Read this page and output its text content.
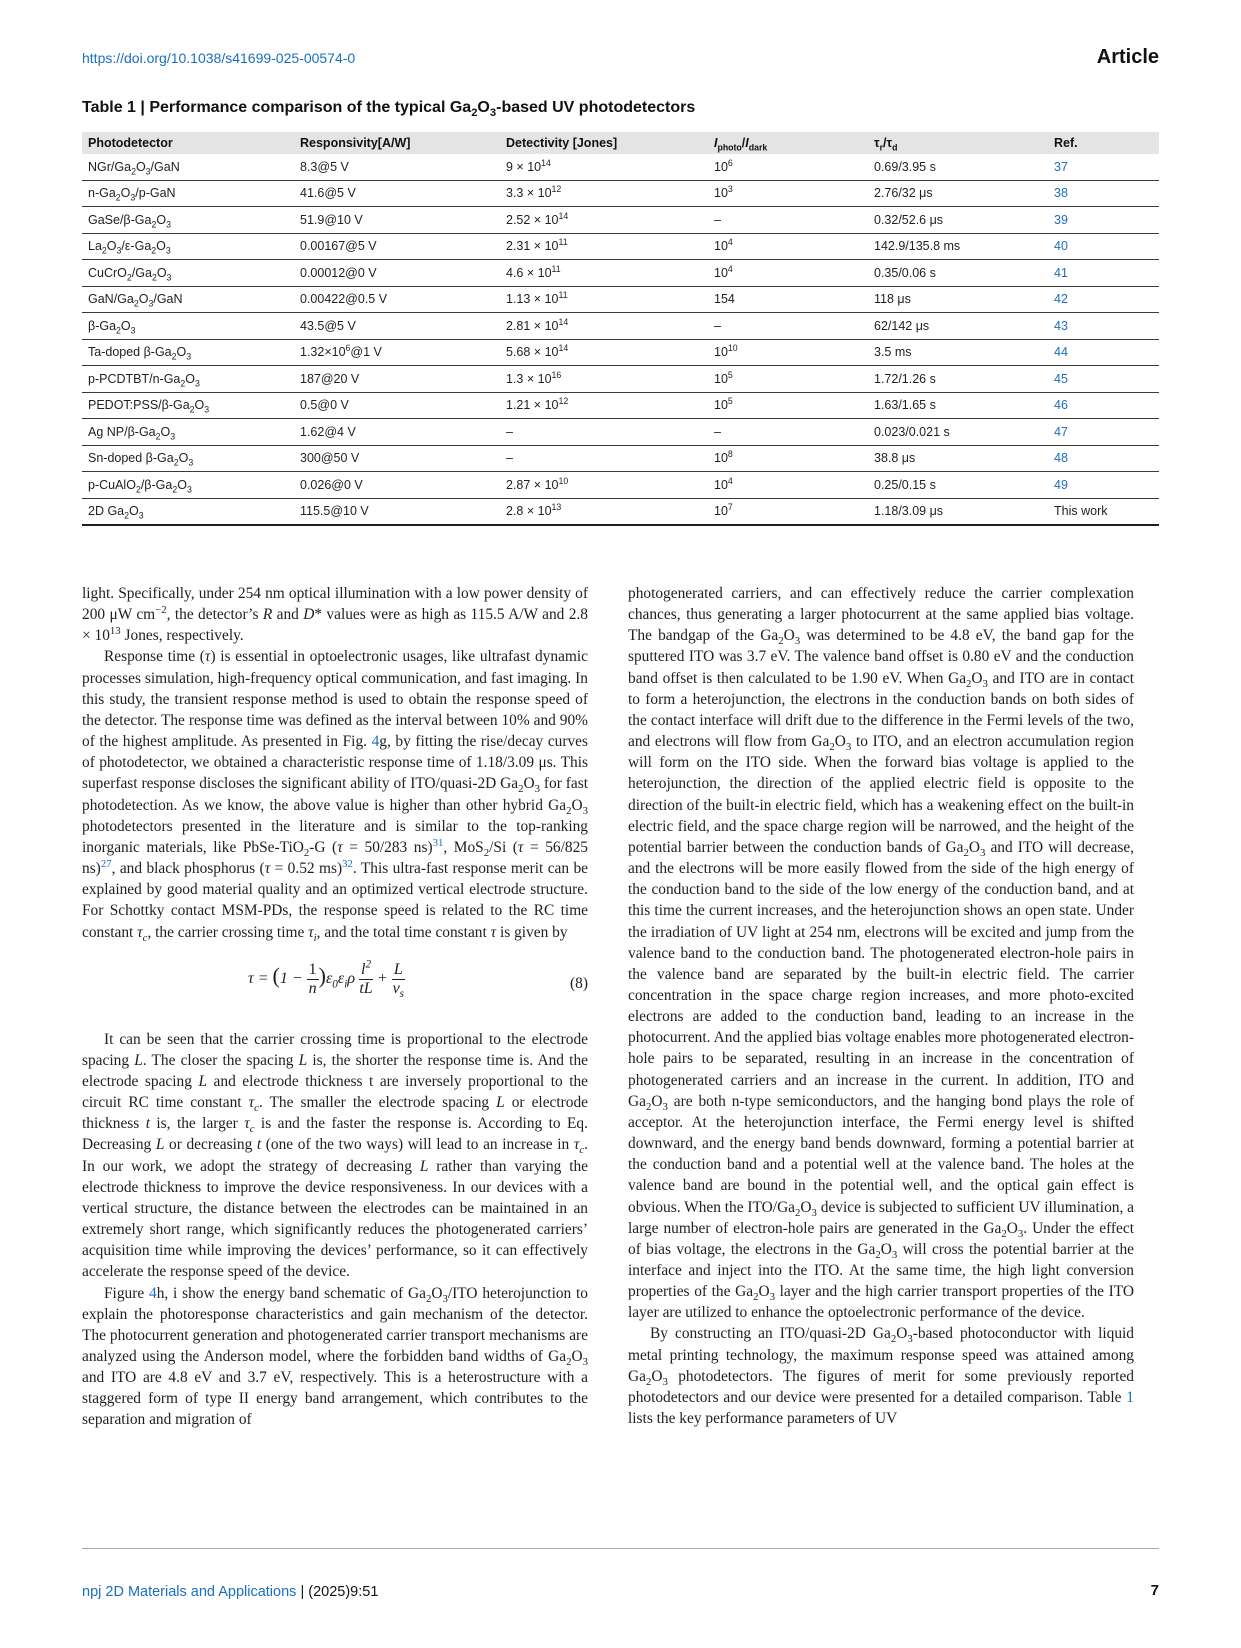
https://doi.org/10.1038/s41699-025-00574-0	Article
Table 1 | Performance comparison of the typical $Ga_2O_3$-based UV photodetectors
Photodetector	Responsivity[A/W]	Detectivity [Jones]	$I_{photo}/I_{dark}$	$\tau_r/\tau_d$	Ref.
NGr/$Ga_2O_3$/GaN	8.3@5 V	$9 \times 10^{14}$	$10^6$	0.69/3.95 s	37
$n-Ga_2O_3/p$-GaN	41.6@5 V	$3.3 \times 10^{12}$	$10^3$	2.76/32 μs	38
GaSe/$\beta-Ga_2O_3$	51.9@10 V	$2.52 \times 10^{14}$	–	0.32/52.6 μs	39
$La_2O_3/\varepsilon-Ga_2O_3$	0.00167@5 V	$2.31 \times 10^{11}$	$10^4$	142.9/135.8 ms	40
$CuCrO_2/Ga_2O_3$	0.00012@0 V	$4.6 \times 10^{11}$	$10^4$	0.35/0.06 s	41
GaN/$Ga_2O_3$/GaN	0.00422@0.5 V	$1.13 \times 10^{11}$	154	118 μs	42
$\beta-Ga_2O_3$	43.5@5 V	$2.81 \times 10^{14}$	–	62/142 μs	43
Ta-doped $\beta-Ga_2O_3$	$1.32\times 10^6@1$ V	$5.68 \times 10^{14}$	$10^{10}$	3.5 ms	44
$p-PCDTBT/n-Ga_2O_3$	187@20 V	$1.3 \times 10^{16}$	$10^5$	1.72/1.26 s	45
$PEDOT:PSS/\beta-Ga_2O_3$	0.5@0 V	$1.21 \times 10^{12}$	$10^5$	1.63/1.65 s	46
Ag $NP/\beta-Ga_2O_3$	1.62@4 V	–	–	0.023/0.021 s	47
Sn-doped $\beta-Ga_2O_3$	300@50 V	–	$10^8$	38.8 μs	48
$p-CuAlO_2/\beta-Ga_2O_3$	0.026@0 V	$2.87 \times 10^{10}$	$10^4$	0.25/0.15 s	49
2D $Ga_2O_3$	115.5@10 V	$2.8 \times 10^{13}$	$10^7$	1.18/3.09 μs	This work

light. Specifically, under 254 nm optical illumination with a low power density of 200 μW $cm^{-2}$, the detector’s R and D* values were as high as 115.5 A/W and $2.8 \times 10^{13}$ Jones, respectively.

Response time (τ) is essential in optoelectronic usages, like ultrafast dynamic processes simulation, high-frequency optical communication, and fast imaging. In this study, the transient response method is used to obtain the response speed of the detector. The response time was defined as the interval between 10% and 90% of the highest amplitude. As presented in Fig. 4g, by fitting the rise/decay curves of photodetector, we obtained a characteristic response time of 1.18/3.09 μs. This superfast response discloses the significant ability of ITO/quasi-2D $Ga_2O_3$ for fast photodetection. As we know, the above value is higher than other hybrid $Ga_2O_3$ photodetectors presented in the literature and is similar to the top-ranking inorganic materials, like PbSe-TiO$_2$-G (τ = 50/283 ns)$^{31}$, MoS$_2$/Si (τ = 56/825 ns)$^{27}$, and black phosphorus (τ = 0.52 ms)$^{32}$. This ultra-fast response merit can be explained by good material quality and an optimized vertical electrode structure. For Schottky contact MSM-PDs, the response speed is related to the RC time constant $\tau_c$, the carrier crossing time $\tau_i$, and the total time constant τ is given by

$\tau = (1 - \frac{1}{n} )\varepsilon_0\varepsilon_i\rho \frac{l^2}{tL} + \frac{L}{v_s}$	(8)

It can be seen that the carrier crossing time is proportional to the electrode spacing L. The closer the spacing L is, the shorter the response time is. And the electrode spacing L and electrode thickness t are inversely proportional to the circuit RC time constant $\tau_c$. The smaller the electrode spacing L or electrode thickness t is, the larger $\tau_c$ is and the faster the response is. According to Eq. Decreasing L or decreasing t (one of the two ways) will lead to an increase in $\tau_c$. In our work, we adopt the strategy of decreasing L rather than varying the electrode thickness to improve the device responsiveness. In our devices with a vertical structure, the distance between the electrodes can be maintained in an extremely short range, which significantly reduces the photogenerated carriers’ acquisition time while improving the devices’ performance, so it can effectively accelerate the response speed of the device.

Figure 4h, i show the energy band schematic of $Ga_2O_3$/ITO heterojunction to explain the photoresponse characteristics and gain mechanism of the detector. The photocurrent generation and photogenerated carrier transport mechanisms are analyzed using the Anderson model, where the forbidden band widths of $Ga_2O_3$ and ITO are 4.8 eV and 3.7 eV, respectively. This is a heterostructure with a staggered form of type II energy band arrangement, which contributes to the separation and migration of

photogenerated carriers, and can effectively reduce the carrier complexation chances, thus generating a larger photocurrent at the same applied bias voltage. The bandgap of the $Ga_2O_3$ was determined to be 4.8 eV, the band gap for the sputtered ITO was 3.7 eV. The valence band offset is 0.80 eV and the conduction band offset is then calculated to be 1.90 eV. When $Ga_2O_3$ and ITO are in contact to form a heterojunction, the electrons in the conduction bands on both sides of the contact interface will drift due to the difference in the Fermi levels of the two, and electrons will flow from $Ga_2O_3$ to ITO, and an electron accumulation region will form on the ITO side. When the forward bias voltage is applied to the heterojunction, the direction of the applied electric field is opposite to the direction of the built-in electric field, which has a weakening effect on the built-in electric field, and the space charge region will be narrowed, and the height of the potential barrier between the conduction bands of $Ga_2O_3$ and ITO will decrease, and the electrons will be more easily flowed from the side of the high energy of the conduction band to the side of the low energy of the conduction band, and at this time the current increases, and the heterojunction shows an open state. Under the irradiation of UV light at 254 nm, electrons will be excited and jump from the valence band to the conduction band. The photogenerated electron-hole pairs in the valence band are separated by the built-in electric field. The carrier concentration in the space charge region increases, and more photo-excited electrons are added to the conduction band, leading to an increase in the photocurrent. And the applied bias voltage enables more photogenerated electron-hole pairs to be separated, resulting in an increase in the concentration of photogenerated carriers and an increase in the current. In addition, ITO and $Ga_2O_3$ are both n-type semiconductors, and the hanging bond plays the role of acceptor. At the heterojunction interface, the Fermi energy level is shifted downward, and the energy band bends downward, forming a potential barrier at the conduction band and a potential well at the valence band. The holes at the valence band are bound in the potential well, and the optical gain effect is obvious. When the ITO/$Ga_2O_3$ device is subjected to sufficient UV illumination, a large number of electron-hole pairs are generated in the $Ga_2O_3$. Under the effect of bias voltage, the electrons in the $Ga_2O_3$ will cross the potential barrier at the interface and inject into the ITO. At the same time, the high light conversion properties of the $Ga_2O_3$ layer and the high carrier transport properties of the ITO layer are utilized to enhance the optoelectronic performance of the device.

By constructing an ITO/quasi-2D $Ga_2O_3$-based photoconductor with liquid metal printing technology, the maximum response speed was attained among $Ga_2O_3$ photodetectors. The figures of merit for some previously reported photodetectors and our device were presented for a detailed comparison. Table 1 lists the key performance parameters of UV

npj 2D Materials and Applications | (2025)9:51	7
